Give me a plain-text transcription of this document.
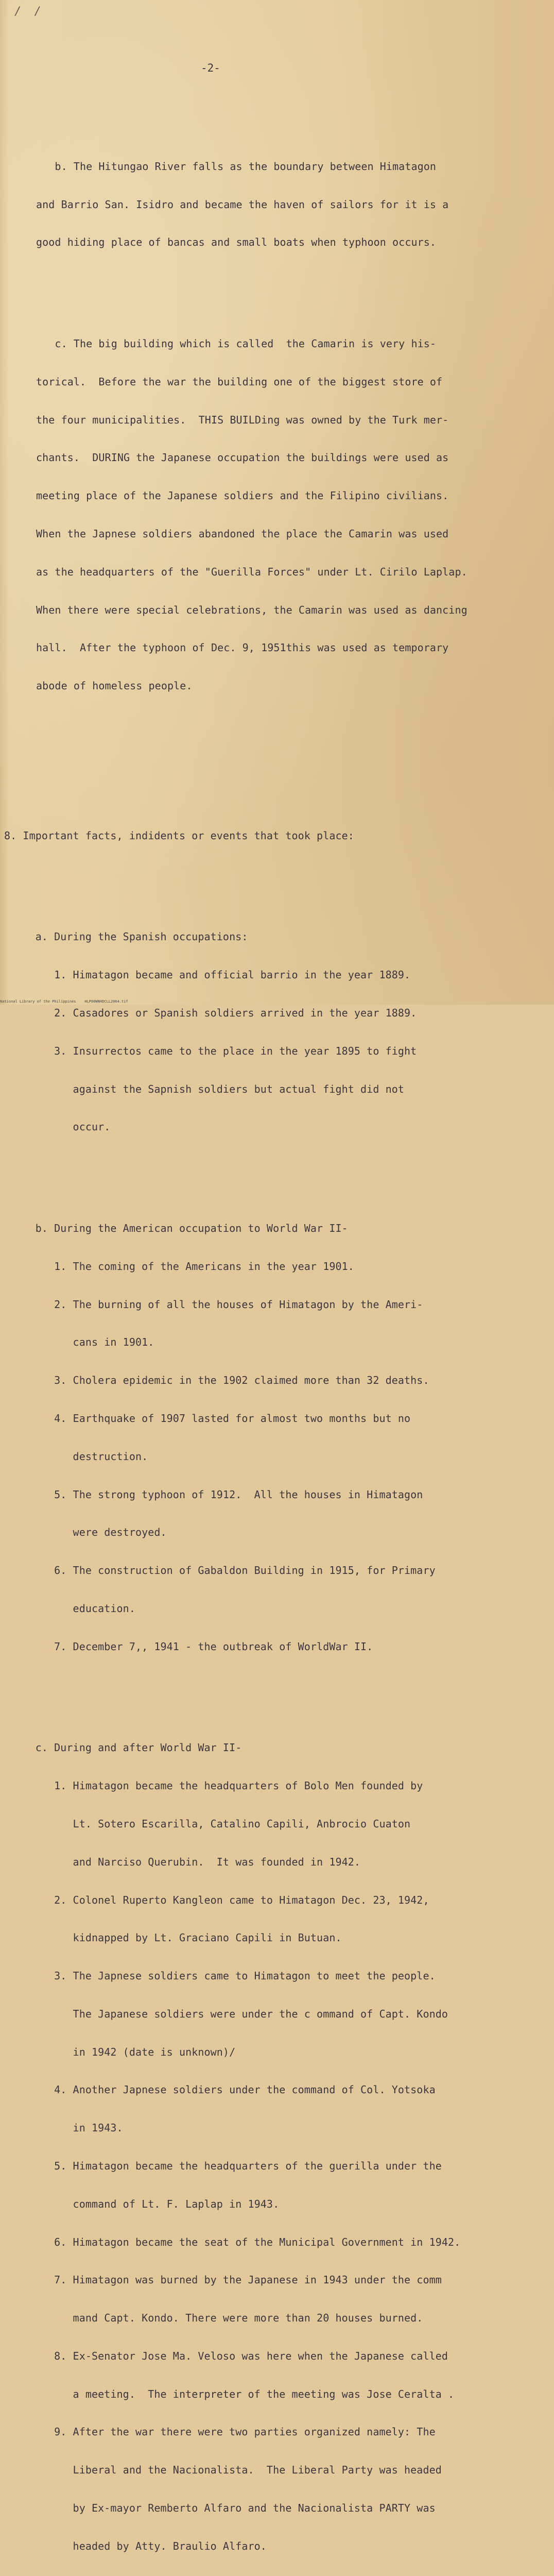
/ /
-2-

b. The Hitungao River falls as the boundary between Himatagon

and Barrio San. Isidro and became the haven of sailors for it is a

good hiding place of bancas and small boats when typhoon occurs.

c. The big building which is called  the Camarin is very his-

torical.  Before the war the building one of the biggest store of

the four municipalities.  THIS BUILDing was owned by the Turk mer-

chants.  DURING the Japanese occupation the buildings were used as

meeting place of the Japanese soldiers and the Filipino civilians.

When the Japnese soldiers abandoned the place the Camarin was used

as the headquarters of the "Guerilla Forces" under Lt. Cirilo Laplap.

When there were special celebrations, the Camarin was used as dancing

hall.  After the typhoon of Dec. 9, 1951this was used as temporary

abode of homeless people.

8. Important facts, indidents or events that took place:

a. During the Spanish occupations:

1. Himatagon became and official barrio in the year 1889.

2. Casadores or Spanish soldiers arrived in the year 1889.

3. Insurrectos came to the place in the year 1895 to fight

against the Sapnish soldiers but actual fight did not

occur.

b. During the American occupation to World War II-

1. The coming of the Americans in the year 1901.

2. The burning of all the houses of Himatagon by the Ameri-

cans in 1901.

3. Cholera epidemic in the 1902 claimed more than 32 deaths.

4. Earthquake of 1907 lasted for almost two months but no

destruction.

5. The strong typhoon of 1912.  All the houses in Himatagon

were destroyed.

6. The construction of Gabaldon Building in 1915, for Primary

education.

7. December 7,, 1941 - the outbreak of WorldWar II.

c. During and after World War II-

1. Himatagon became the headquarters of Bolo Men founded by

Lt. Sotero Escarilla, Catalino Capili, Anbrocio Cuaton

and Narciso Querubin.  It was founded in 1942.

2. Colonel Ruperto Kangleon came to Himatagon Dec. 23, 1942,

kidnapped by Lt. Graciano Capili in Butuan.

3. The Japnese soldiers came to Himatagon to meet the people.

The Japanese soldiers were under the c ommand of Capt. Kondo

in 1942 (date is unknown)/

4. Another Japnese soldiers under the command of Col. Yotsoka

in 1943.

5. Himatagon became the headquarters of the guerilla under the

command of Lt. F. Laplap in 1943.

6. Himatagon became the seat of the Municipal Government in 1942.

7. Himatagon was burned by the Japanese in 1943 under the comm

mand Capt. Kondo. There were more than 20 houses burned.

8. Ex-Senator Jose Ma. Veloso was here when the Japanese called

a meeting.  The interpreter of the meeting was Jose Ceralta .

9. After the war there were two parties organized namely: The

Liberal and the Nacionalista.  The Liberal Party was headed

by Ex-mayor Remberto Alfaro and the Nacionalista PARTY was

headed by Atty. Braulio Alfaro.

National Library of the Philippines    HLP00WNHDCLL2064.tif
